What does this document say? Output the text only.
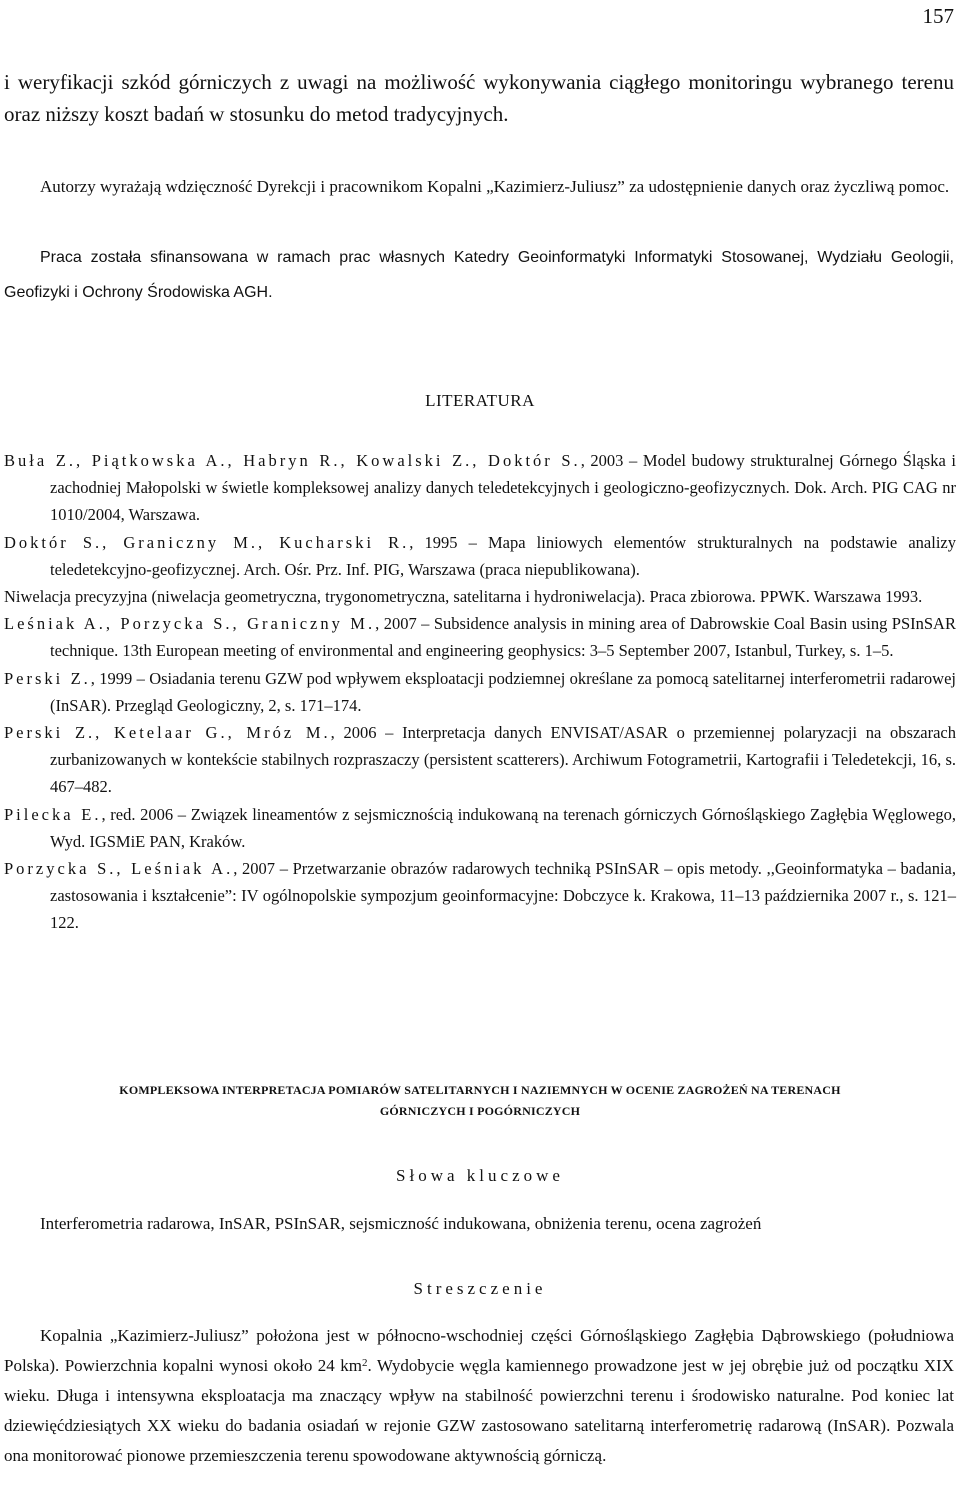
157

i weryfikacji szkód górniczych z uwagi na możliwość wykonywania ciągłego monitoringu wybranego terenu oraz niższy koszt badań w stosunku do metod tradycyjnych.

Autorzy wyrażają wdzięczność Dyrekcji i pracownikom Kopalni „Kazimierz-Juliusz” za udostępnienie danych oraz życzliwą pomoc.

Praca została sfinansowana w ramach prac własnych Katedry Geoinformatyki Informatyki Stosowanej, Wydziału Geologii, Geofizyki i Ochrony Środowiska AGH.

LITERATURA
Buła Z., Piątkowska A., Habryn R., Kowalski Z., Doktór S., 2003 – Model budowy strukturalnej Górnego Śląska i zachodniej Małopolski w świetle kompleksowej analizy danych teledetekcyjnych i geologiczno-geofizycznych. Dok. Arch. PIG CAG nr 1010/2004, Warszawa.
Doktór S., Graniczny M., Kucharski R., 1995 – Mapa liniowych elementów strukturalnych na podstawie analizy teledetekcyjno-geofizycznej. Arch. Ośr. Prz. Inf. PIG, Warszawa (praca niepublikowana).
Niwelacja precyzyjna (niwelacja geometryczna, trygonometryczna, satelitarna i hydroniwelacja). Praca zbiorowa. PPWK. Warszawa 1993.
Leśniak A., Porzycka S., Graniczny M., 2007 – Subsidence analysis in mining area of Dabrowskie Coal Basin using PSInSAR technique. 13th European meeting of environmental and engineering geophysics: 3–5 September 2007, Istanbul, Turkey, s. 1–5.
Perski Z., 1999 – Osiadania terenu GZW pod wpływem eksploatacji podziemnej określane za pomocą satelitarnej interferometrii radarowej (InSAR). Przegląd Geologiczny, 2, s. 171–174.
Perski Z., Ketelaar G., Mróz M., 2006 – Interpretacja danych ENVISAT/ASAR o przemiennej polaryzacji na obszarach zurbanizowanych w kontekście stabilnych rozpraszaczy (persistent scatterers). Archiwum Fotogrametrii, Kartografii i Teledetekcji, 16, s. 467–482.
Pilecka E., red. 2006 – Związek lineamentów z sejsmicznością indukowaną na terenach górniczych Górnośląskiego Zagłębia Węglowego, Wyd. IGSMiE PAN, Kraków.
Porzycka S., Leśniak A., 2007 – Przetwarzanie obrazów radarowych techniką PSInSAR – opis metody. ,,Geoinformatyka – badania, zastosowania i kształcenie”: IV ogólnopolskie sympozjum geoinformacyjne: Dobczyce k. Krakowa, 11–13 października 2007 r., s. 121–122.
KOMPLEKSOWA INTERPRETACJA POMIARÓW SATELITARNYCH I NAZIEMNYCH W OCENIE ZAGROŻEŃ NA TERENACH
GÓRNICZYCH I POGÓRNICZYCH
Słowa kluczowe

Interferometria radarowa, InSAR, PSInSAR, sejsmiczność indukowana, obniżenia terenu, ocena zagrożeń

Streszczenie

Kopalnia „Kazimierz-Juliusz” położona jest w północno-wschodniej części Górnośląskiego Zagłębia Dąbrowskiego (południowa Polska). Powierzchnia kopalni wynosi około 24 $km^2$. Wydobycie węgla kamiennego prowadzone jest w jej obrębie już od początku XIX wieku. Długa i intensywna eksploatacja ma znaczący wpływ na stabilność powierzchni terenu i środowisko naturalne. Pod koniec lat dziewięćdziesiątych XX wieku do badania osiadań w rejonie GZW zastosowano satelitarną interferometrię radarową (InSAR). Pozwala ona monitorować pionowe przemieszczenia terenu spowodowane aktywnością górniczą.
